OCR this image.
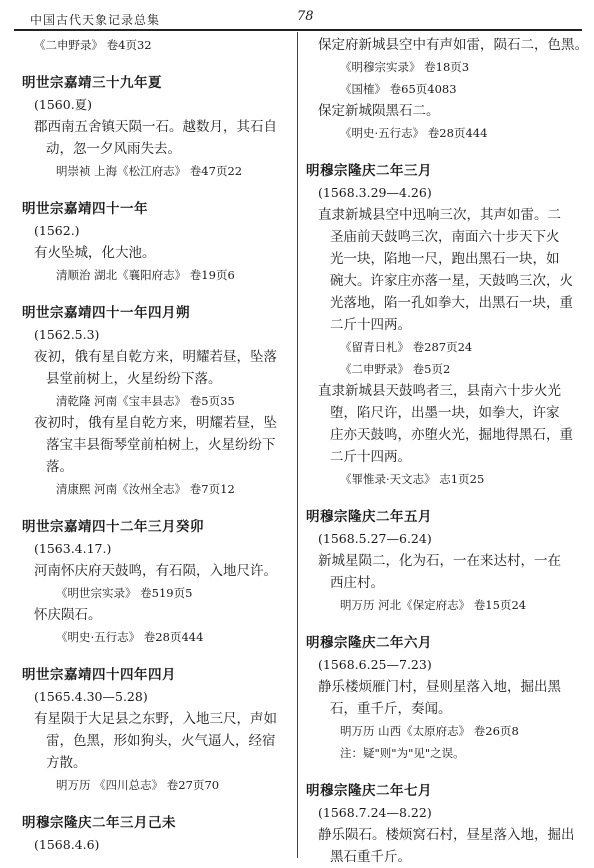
中国古代天象记录总集	78
《二申野录》 卷4页32
明世宗嘉靖三十九年夏
(1560.夏)
郡西南五舍镇天陨一石。越数月，其石自
动，忽一夕风雨失去。
明崇祯 上海《松江府志》 卷47页22
明世宗嘉靖四十一年
(1562.)
有火坠城，化大池。
清顺治 湖北《襄阳府志》 卷19页6
明世宗嘉靖四十一年四月朔
(1562.5.3)
夜初，俄有星自乾方来，明耀若昼，坠落
县堂前树上，火星纷纷下落。
清乾隆 河南《宝丰县志》 卷5页35
夜初时，俄有星自乾方来，明耀若昼，坠
落宝丰县衙琴堂前柏树上，火星纷纷下
落。
清康熙 河南《汝州全志》 卷7页12
明世宗嘉靖四十二年三月癸卯
(1563.4.17.)
河南怀庆府天鼓鸣，有石陨，入地尺许。
《明世宗实录》 卷519页5
怀庆陨石。
《明史·五行志》 卷28页444
明世宗嘉靖四十四年四月
(1565.4.30—5.28)
有星陨于大足县之东野，入地三尺，声如
雷，色黑，形如狗头，火气逼人，经宿
方散。
明万历 《四川总志》 卷27页70
明穆宗隆庆二年三月己未
(1568.4.6)
保定府新城县空中有声如雷，陨石二，色黑。
《明穆宗实录》 卷18页3
《国榷》 卷65页4083
保定新城陨黑石二。
《明史·五行志》 卷28页444
明穆宗隆庆二年三月
(1568.3.29—4.26)
直隶新城县空中迅响三次，其声如雷。二
圣庙前天鼓鸣三次，南面六十步天下火
光一块，陷地一尺，跑出黑石一块，如
碗大。许家庄亦落一星，天鼓鸣三次，火
光落地，陷一孔如拳大，出黑石一块，重
二斤十四两。
《留青日札》 卷287页24
《二申野录》 卷5页2
直隶新城县天鼓鸣者三，县南六十步火光
堕，陷尺许，出墨一块，如拳大，许家
庄亦天鼓鸣，亦堕火光，掘地得黑石，重
二斤十四两。
《罪惟录·天文志》 志1页25
明穆宗隆庆二年五月
(1568.5.27—6.24)
新城星陨二，化为石，一在来达村，一在
西庄村。
明万历 河北《保定府志》 卷15页24
明穆宗隆庆二年六月
(1568.6.25—7.23)
静乐楼烦雁门村，昼则星落入地，掘出黑
石，重千斤，奏闻。
明万历 山西《太原府志》 卷26页8
注：疑"则"为"见"之误。
明穆宗隆庆二年七月
(1568.7.24—8.22)
静乐陨石。楼烦窝石村，昼星落入地，掘出
黑石重千斤。
